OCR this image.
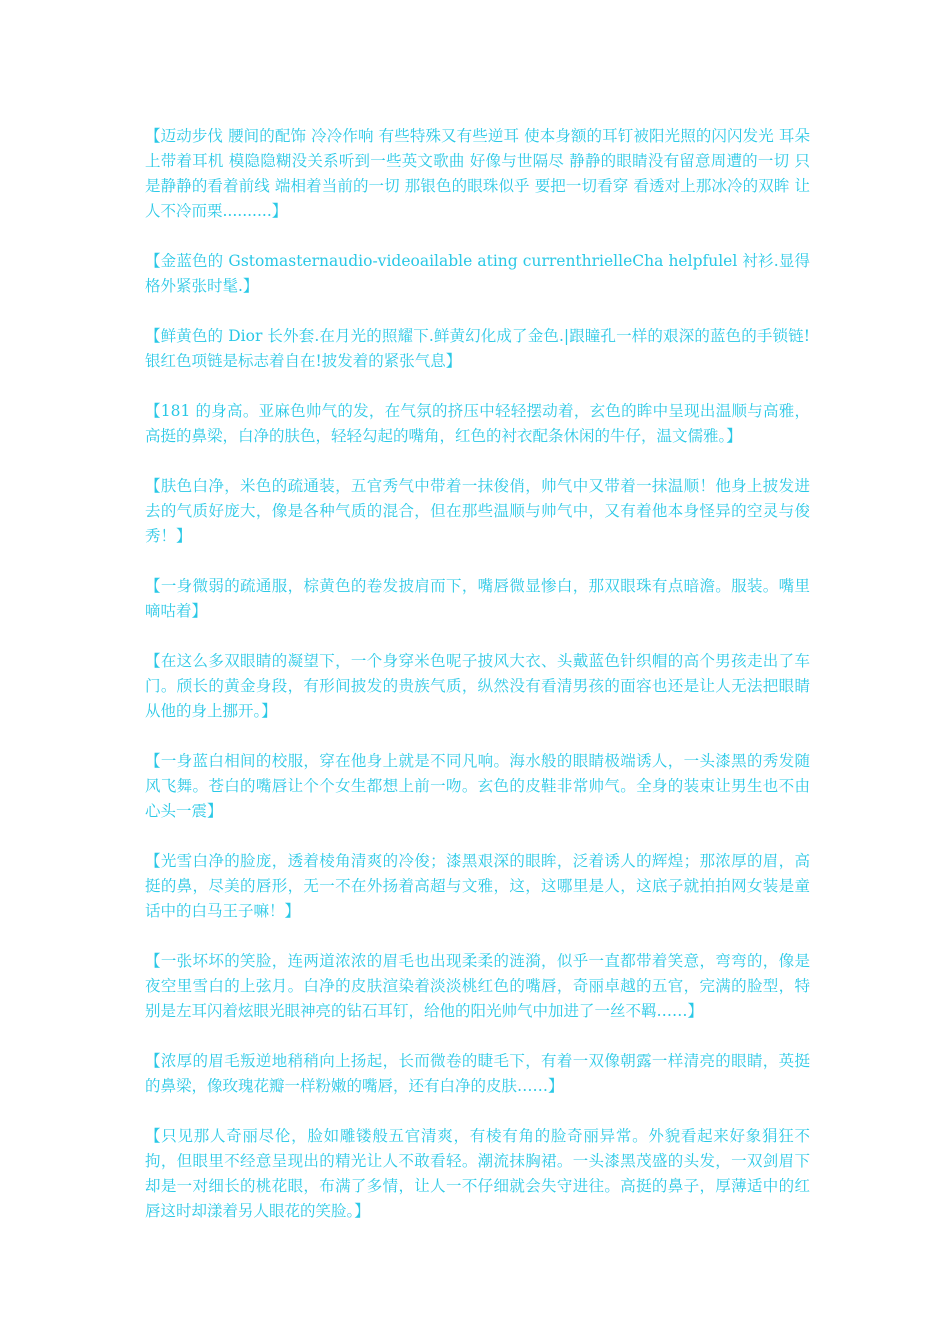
【迈动步伐 腰间的配饰 冷冷作响 有些特殊又有些逆耳 使本身额的耳钉被阳光照的闪闪发光 耳朵上带着耳机 模隐隐糊没关系听到一些英文歌曲 好像与世隔尽 静静的眼睛没有留意周遭的一切 只是静静的看着前线 端相着当前的一切 那银色的眼珠似乎 要把一切看穿 看透对上那冰冷的双眸 让人不冷而栗..........】

【金蓝色的 Gstomasternaudio-videoailable ating currenthrielleCha helpfulel 衬衫.显得格外紧张时髦.】

【鲜黄色的 Dior 长外套.在月光的照耀下.鲜黄幻化成了金色.|跟瞳孔一样的艰深的蓝色的手锁链!银红色项链是标志着自在!披发着的紧张气息】

【181 的身高。亚麻色帅气的发，在气氛的挤压中轻轻摆动着，玄色的眸中呈现出温顺与高雅，高挺的鼻梁，白净的肤色，轻轻勾起的嘴角，红色的衬衣配条休闲的牛仔，温文儒雅。】

【肤色白净，米色的疏通装，五官秀气中带着一抹俊俏，帅气中又带着一抹温顺！他身上披发进去的气质好庞大，像是各种气质的混合，但在那些温顺与帅气中，又有着他本身怪异的空灵与俊秀！】

【一身微弱的疏通服，棕黄色的卷发披肩而下，嘴唇微显惨白，那双眼珠有点暗澹。服装。嘴里嘀咕着】

【在这么多双眼睛的凝望下，一个身穿米色呢子披风大衣、头戴蓝色针织帽的高个男孩走出了车门。颀长的黄金身段，有形间披发的贵族气质，纵然没有看清男孩的面容也还是让人无法把眼睛从他的身上挪开。】

【一身蓝白相间的校服，穿在他身上就是不同凡响。海水般的眼睛极端诱人，一头漆黑的秀发随风飞舞。苍白的嘴唇让个个女生都想上前一吻。玄色的皮鞋非常帅气。全身的装束让男生也不由心头一震】

【光雪白净的脸庞，透着棱角清爽的冷俊；漆黑艰深的眼眸，泛着诱人的辉煌；那浓厚的眉，高挺的鼻，尽美的唇形，无一不在外扬着高超与文雅，这，这哪里是人，这底子就拍拍网女装是童话中的白马王子嘛！】

【一张坏坏的笑脸，连两道浓浓的眉毛也出现柔柔的涟漪，似乎一直都带着笑意，弯弯的，像是夜空里雪白的上弦月。白净的皮肤渲染着淡淡桃红色的嘴唇，奇丽卓越的五官，完满的脸型，特别是左耳闪着炫眼光眼神亮的钻石耳钉，给他的阳光帅气中加进了一丝不羁……】

【浓厚的眉毛叛逆地稍稍向上扬起，长而微卷的睫毛下，有着一双像朝露一样清亮的眼睛，英挺的鼻梁，像玫瑰花瓣一样粉嫩的嘴唇，还有白净的皮肤……】

【只见那人奇丽尽伦，脸如雕镂般五官清爽，有棱有角的脸奇丽异常。外貌看起来好象狷狂不拘，但眼里不经意呈现出的精光让人不敢看轻。潮流抹胸裙。一头漆黑茂盛的头发，一双剑眉下却是一对细长的桃花眼，布满了多情，让人一不仔细就会失守进往。高挺的鼻子，厚薄适中的红唇这时却漾着另人眼花的笑脸。】
